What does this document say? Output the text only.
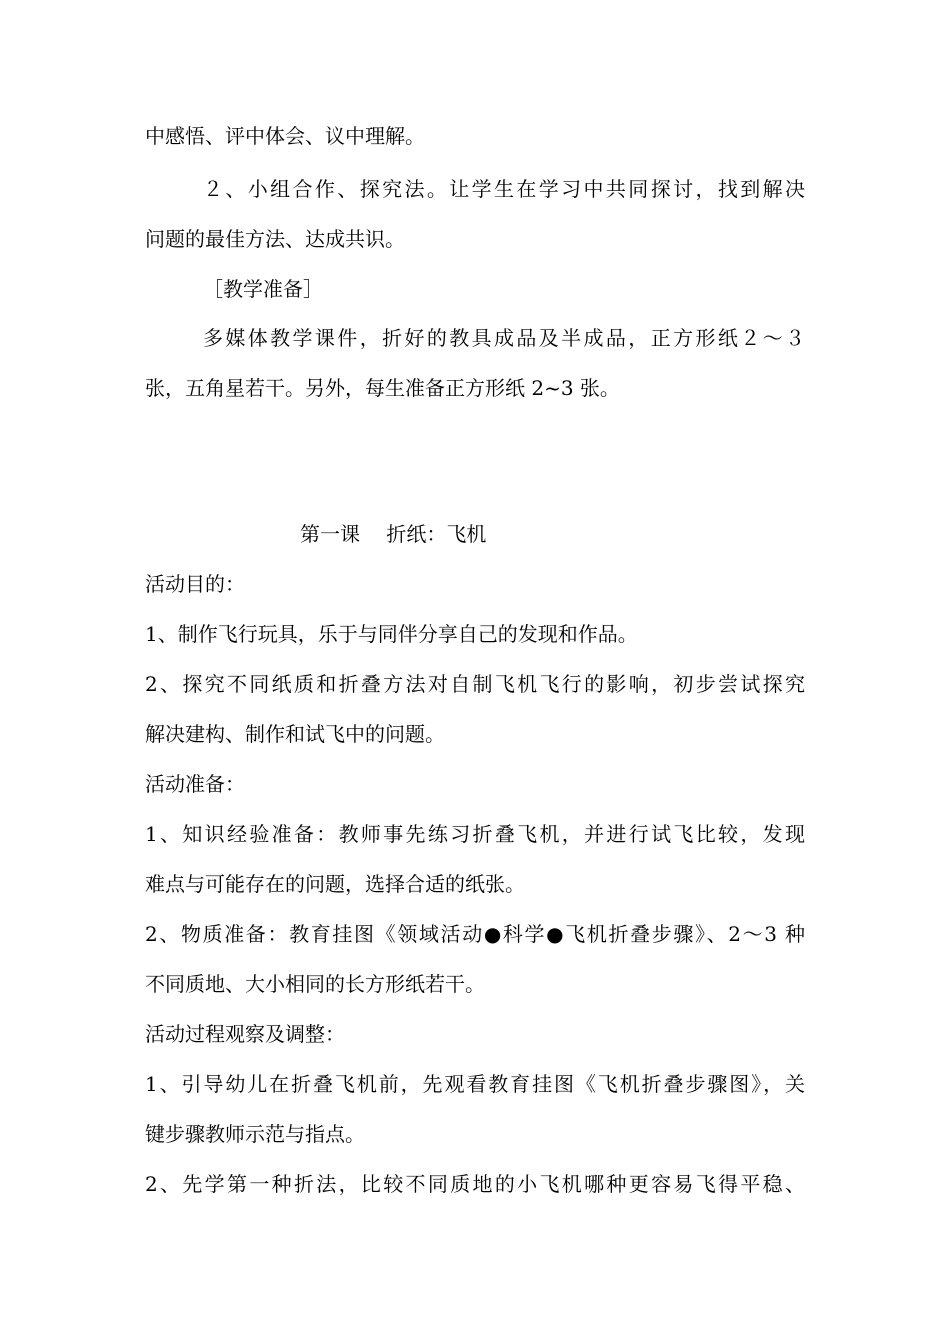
中感悟、评中体会、议中理解。
２、小组合作、探究法。让学生在学习中共同探讨，找到解决
问题的最佳方法、达成共识。
［教学准备］
多媒体教学课件，折好的教具成品及半成品，正方形纸２～３
张，五角星若干。另外，每生准备正方形纸 2~3 张。
第一课　 折纸：飞机
活动目的：
1、制作飞行玩具，乐于与同伴分享自己的发现和作品。
2、探究不同纸质和折叠方法对自制飞机飞行的影响，初步尝试探究
解决建构、制作和试飞中的问题。
活动准备：
1、知识经验准备：教师事先练习折叠飞机，并进行试飞比较，发现
难点与可能存在的问题，选择合适的纸张。
2、物质准备：教育挂图《领域活动●科学●飞机折叠步骤》、2～3 种
不同质地、大小相同的长方形纸若干。
活动过程观察及调整：
1、引导幼儿在折叠飞机前，先观看教育挂图《飞机折叠步骤图》，关
键步骤教师示范与指点。
2、先学第一种折法，比较不同质地的小飞机哪种更容易飞得平稳、
